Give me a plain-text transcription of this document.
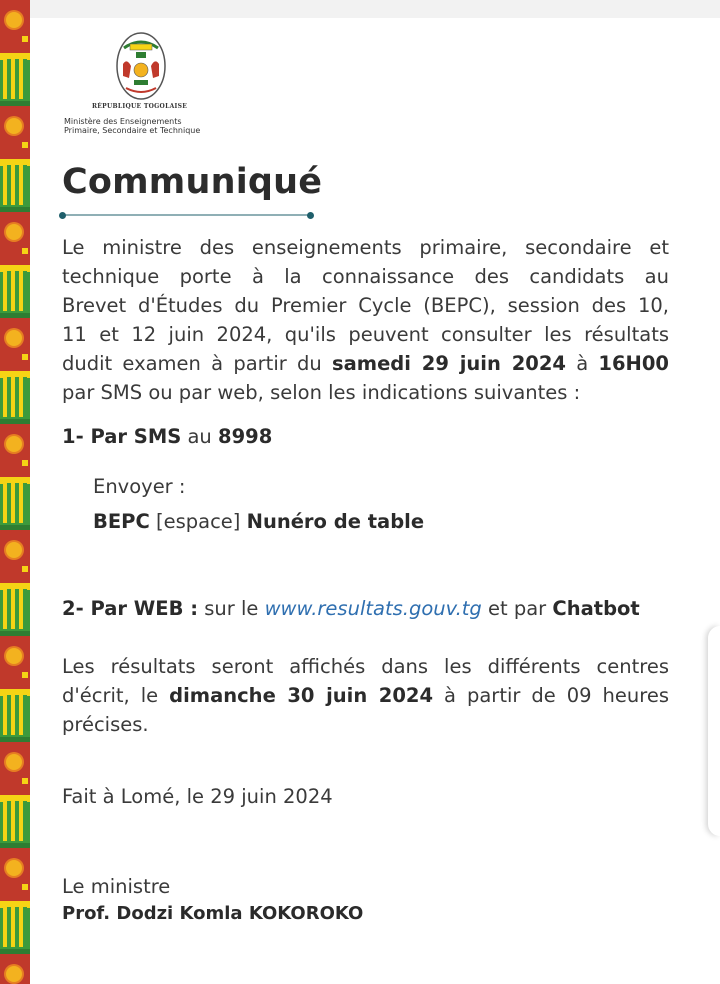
RÉPUBLIQUE TOGOLAISE
Ministère des Enseignements
Primaire, Secondaire et Technique
Communiqué
Le ministre des enseignements primaire, secondaire et
technique porte à la connaissance des candidats au
Brevet d'Études du Premier Cycle (BEPC), session des 10,
11 et 12 juin 2024, qu'ils peuvent consulter les résultats
dudit examen à partir du samedi 29 juin 2024 à 16H00
par SMS ou par web, selon les indications suivantes :
1- Par SMS au 8998
Envoyer :
BEPC [espace] Nunéro de table
2- Par WEB : sur le www.resultats.gouv.tg et par Chatbot
Les résultats seront affichés dans les différents centres
d'écrit, le dimanche 30 juin 2024 à partir de 09 heures
précises.
Fait à Lomé, le 29 juin 2024
Le ministre
Prof. Dodzi Komla KOKOROKO
